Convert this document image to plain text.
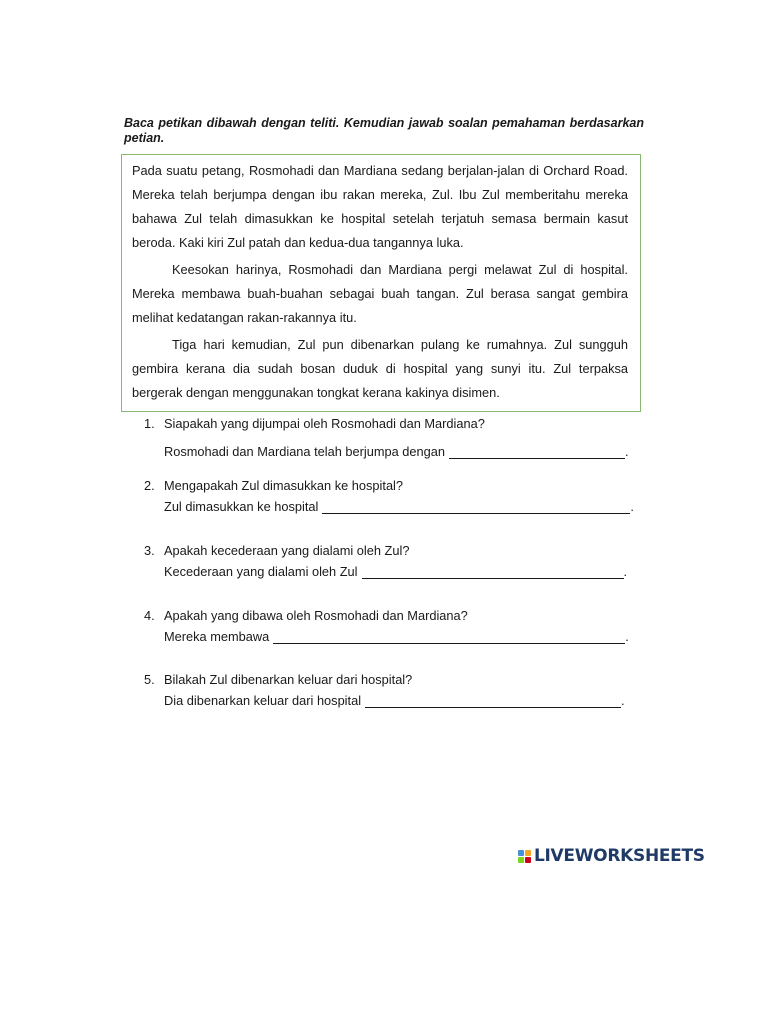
Baca petikan dibawah dengan teliti. Kemudian jawab soalan pemahaman berdasarkan petian.

Pada suatu petang, Rosmohadi dan Mardiana sedang berjalan-jalan di Orchard Road. Mereka telah berjumpa dengan ibu rakan mereka, Zul. Ibu Zul memberitahu mereka bahawa Zul telah dimasukkan ke hospital setelah terjatuh semasa bermain kasut beroda. Kaki kiri Zul patah dan kedua-dua tangannya luka.

Keesokan harinya, Rosmohadi dan Mardiana pergi melawat Zul di hospital. Mereka membawa buah-buahan sebagai buah tangan. Zul berasa sangat gembira melihat kedatangan rakan-rakannya itu.

Tiga hari kemudian, Zul pun dibenarkan pulang ke rumahnya. Zul sungguh gembira kerana dia sudah bosan duduk di hospital yang sunyi itu. Zul terpaksa bergerak dengan menggunakan tongkat kerana kakinya disimen.

1. Siapakah yang dijumpai oleh Rosmohadi dan Mardiana?
Rosmohadi dan Mardiana telah berjumpa dengan	.
2. Mengapakah Zul dimasukkan ke hospital?
Zul dimasukkan ke hospital	.
3. Apakah kecederaan yang dialami oleh Zul?
Kecederaan yang dialami oleh Zul	.
4. Apakah yang dibawa oleh Rosmohadi dan Mardiana?
Mereka membawa	.
5. Bilakah Zul dibenarkan keluar dari hospital?
Dia dibenarkan keluar dari hospital	.
LIVEWORKSHEETS
